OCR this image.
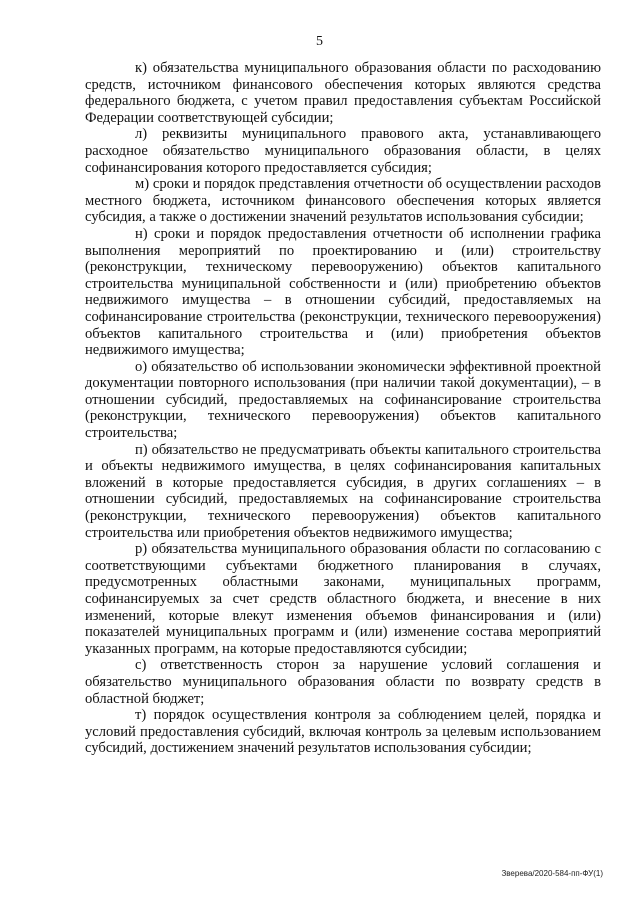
5

к) обязательства муниципального образования области по расходованию средств, источником финансового обеспечения которых являются средства федерального бюджета, с учетом правил предоставления субъектам Российской Федерации соответствующей субсидии;

л) реквизиты муниципального правового акта, устанавливающего расходное обязательство муниципального образования области, в целях софинансирования которого предоставляется субсидия;

м) сроки и порядок представления отчетности об осуществлении расходов местного бюджета, источником финансового обеспечения которых является субсидия, а также о достижении значений результатов использования субсидии;

н) сроки и порядок предоставления отчетности об исполнении графика выполнения мероприятий по проектированию и (или) строительству (реконструкции, техническому перевооружению) объектов капитального строительства муниципальной собственности и (или) приобретению объектов недвижимого имущества – в отношении субсидий, предоставляемых на софинансирование строительства (реконструкции, технического перевооружения) объектов капитального строительства и (или) приобретения объектов недвижимого имущества;

о) обязательство об использовании экономически эффективной проектной документации повторного использования (при наличии такой документации), – в отношении субсидий, предоставляемых на софинансирование строительства (реконструкции, технического перевооружения) объектов капитального строительства;

п) обязательство не предусматривать объекты капитального строительства и объекты недвижимого имущества, в целях софинансирования капитальных вложений в которые предоставляется субсидия, в других соглашениях – в отношении субсидий, предоставляемых на софинансирование строительства (реконструкции, технического перевооружения) объектов капитального строительства или приобретения объектов недвижимого имущества;

р) обязательства муниципального образования области по согласованию с соответствующими субъектами бюджетного планирования в случаях, предусмотренных областными законами, муниципальных программ, софинансируемых за счет средств областного бюджета, и внесение в них изменений, которые влекут изменения объемов финансирования и (или) показателей муниципальных программ и (или) изменение состава мероприятий указанных программ, на которые предоставляются субсидии;

с) ответственность сторон за нарушение условий соглашения и обязательство муниципального образования области по возврату средств в областной бюджет;

т) порядок осуществления контроля за соблюдением целей, порядка и условий предоставления субсидий, включая контроль за целевым использованием субсидий, достижением значений результатов использования субсидии;

Зверева/2020-584-пп-ФУ(1)
